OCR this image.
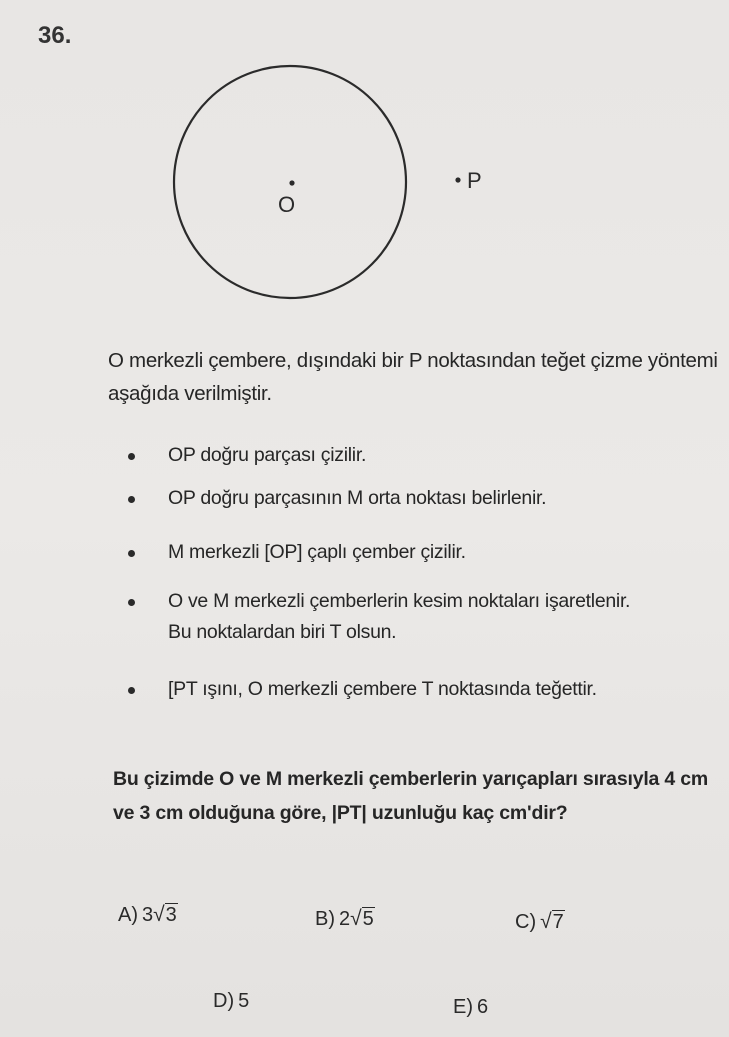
36.
O
P
O merkezli çembere, dışındaki bir P noktasından teğet çizme yöntemi aşağıda verilmiştir.
OP doğru parçası çizilir.
OP doğru parçasının M orta noktası belirlenir.
M merkezli [OP] çaplı çember çizilir.
O ve M merkezli çemberlerin kesim noktaları işaretlenir. Bu noktalardan biri T olsun.
[PT ışını, O merkezli çembere T noktasında teğettir.
Bu çizimde O ve M merkezli çemberlerin yarıçapları sırasıyla 4 cm ve 3 cm olduğuna göre, |PT| uzunluğu kaç cm'dir?
A) 3√3	B) 2√5	C) √7
D) 5	E) 6
